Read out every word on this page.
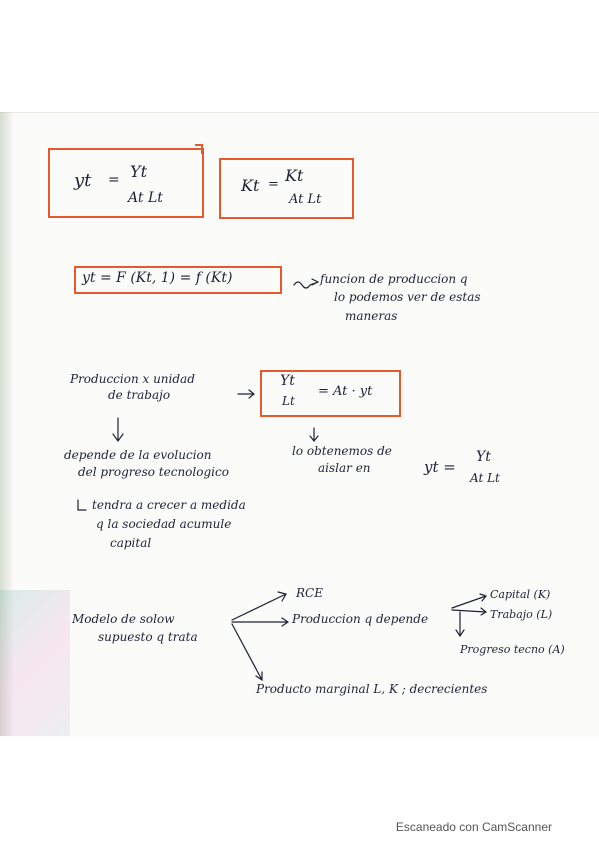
yt = Yt
At Lt
Kt = Kt
At Lt
yt = F (Kt, 1) = f (Kt)	funcion de produccion q
lo podemos ver de estas
maneras
Produccion x unidad
de trabajo
Yt
Lt
= At · yt
depende de la evolucion
del progreso tecnologico
lo obtenemos de
aislar en	yt =
Yt
At Lt
tendra a crecer a medida
q la sociedad acumule
capital
Modelo de solow
supuesto q trata
RCE
Produccion q depende
Capital (K)
Trabajo (L)
Progreso tecno (A)
Producto marginal L, K ; decrecientes
Escaneado con CamScanner
